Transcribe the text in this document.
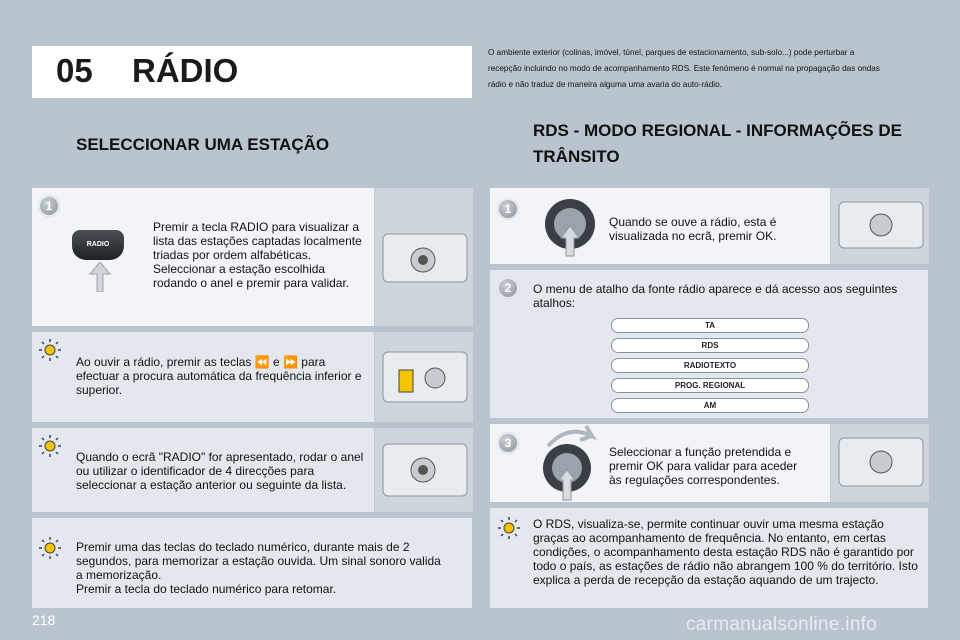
05 RÁDIO	O ambiente exterior (colinas, imóvel, túnel, parques de estacionamento, sub-solo...) pode perturbar a recepção incluindo no modo de acompanhamento RDS. Este fenómeno é normal na propagação das ondas rádio e não traduz de maneira alguma uma avaria do auto-rádio.
SELECCIONAR UMA ESTAÇÃO
RDS - MODO REGIONAL - INFORMAÇÕES DE TRÂNSITO
1
RADIO
Premir a tecla RADIO para visualizar a lista das estações captadas localmente triadas por ordem alfabéticas.
Seleccionar a estação escolhida rodando o anel e premir para validar.
Ao ouvir a rádio, premir as teclas ⏪ e ⏩ para efectuar a procura automática da frequência inferior e superior.
Quando o ecrã "RADIO" for apresentado, rodar o anel ou utilizar o identificador de 4 direcções para seleccionar a estação anterior ou seguinte da lista.
Premir uma das teclas do teclado numérico, durante mais de 2 segundos, para memorizar a estação ouvida. Um sinal sonoro valida a memorização.
Premir a tecla do teclado numérico para retomar.
1
Quando se ouve a rádio, esta é visualizada no ecrã, premir OK.
2	O menu de atalho da fonte rádio aparece e dá acesso aos seguintes atalhos:
TA
RDS
RADIOTEXTO
PROG. REGIONAL
AM
3
Seleccionar a função pretendida e premir OK para validar para aceder às regulações correspondentes.
O RDS, visualiza-se, permite continuar ouvir uma mesma estação graças ao acompanhamento de frequência. No entanto, em certas condições, o acompanhamento desta estação RDS não é garantido por todo o país, as estações de rádio não abrangem 100 % do território. Isto explica a perda de recepção da estação aquando de um trajecto.
218	carmanualsonline.info
